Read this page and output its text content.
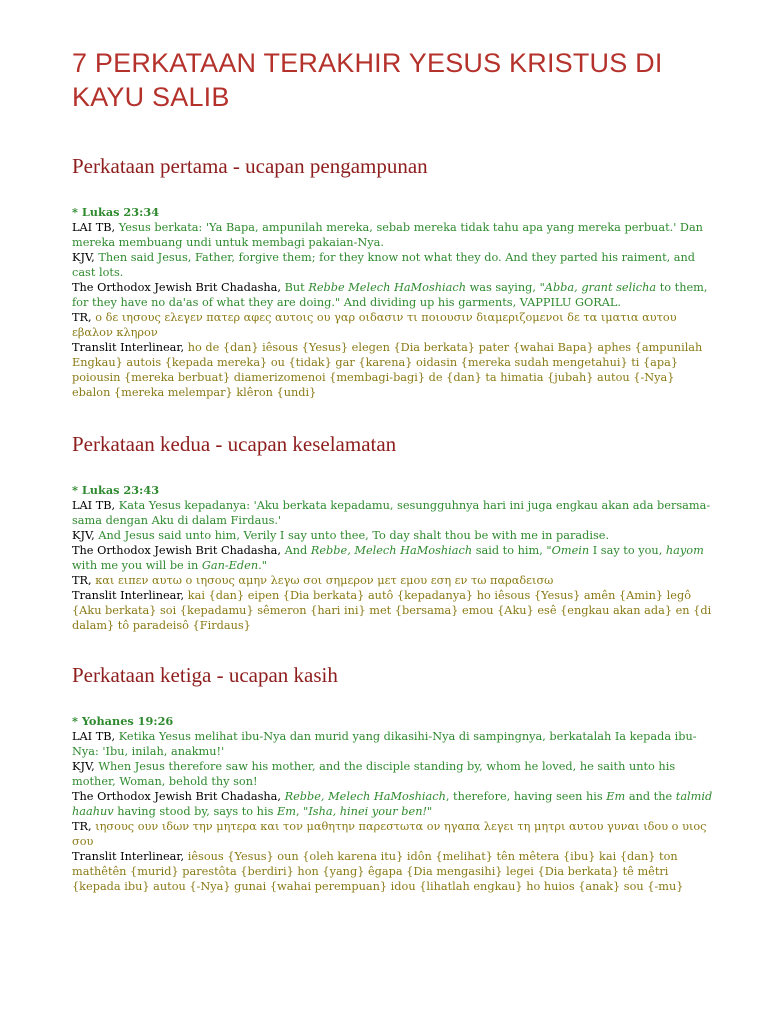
7 PERKATAAN TERAKHIR YESUS KRISTUS DI KAYU SALIB
Perkataan pertama - ucapan pengampunan

* Lukas 23:34

LAI TB, Yesus berkata: 'Ya Bapa, ampunilah mereka, sebab mereka tidak tahu apa yang mereka perbuat.' Dan mereka membuang undi untuk membagi pakaian-Nya.

KJV, Then said Jesus, Father, forgive them; for they know not what they do. And they parted his raiment, and cast lots.

The Orthodox Jewish Brit Chadasha, But Rebbe Melech HaMoshiach was saying, "Abba, grant selicha to them, for they have no da'as of what they are doing." And dividing up his garments, VAPPILU GORAL.

TR, ο δε ιησους ελεγεν πατερ αφες αυτοις ου γαρ οιδασιν τι ποιουσιν διαμεριζομενοι δε τα ιματια αυτου εβαλον κληρον

Translit Interlinear, ho de {dan} iêsous {Yesus} elegen {Dia berkata} pater {wahai Bapa} aphes {ampunilah Engkau} autois {kepada mereka} ou {tidak} gar {karena} oidasin {mereka sudah mengetahui} ti {apa} poiousin {mereka berbuat} diamerizomenoi {membagi-bagi} de {dan} ta himatia {jubah} autou {-Nya} ebalon {mereka melempar} klêron {undi}

Perkataan kedua - ucapan keselamatan

* Lukas 23:43

LAI TB, Kata Yesus kepadanya: 'Aku berkata kepadamu, sesungguhnya hari ini juga engkau akan ada bersama-sama dengan Aku di dalam Firdaus.'

KJV, And Jesus said unto him, Verily I say unto thee, To day shalt thou be with me in paradise.

The Orthodox Jewish Brit Chadasha, And Rebbe, Melech HaMoshiach said to him, "Omein I say to you, hayom with me you will be in Gan-Eden."

TR, και ειπεν αυτω ο ιησους αμην λεγω σοι σημερον μετ εμου εση εν τω παραδεισω

Translit Interlinear, kai {dan} eipen {Dia berkata} autô {kepadanya} ho iêsous {Yesus} amên {Amin} legô {Aku berkata} soi {kepadamu} sêmeron {hari ini} met {bersama} emou {Aku} esê {engkau akan ada} en {di dalam} tô paradeisô {Firdaus}

Perkataan ketiga - ucapan kasih

* Yohanes 19:26

LAI TB, Ketika Yesus melihat ibu-Nya dan murid yang dikasihi-Nya di sampingnya, berkatalah Ia kepada ibu-Nya: 'Ibu, inilah, anakmu!'

KJV, When Jesus therefore saw his mother, and the disciple standing by, whom he loved, he saith unto his mother, Woman, behold thy son!

The Orthodox Jewish Brit Chadasha, Rebbe, Melech HaMoshiach, therefore, having seen his Em and the talmid haahuv having stood by, says to his Em, "Isha, hinei your ben!"

TR, ιησους ουν ιδων την μητερα και τον μαθητην παρεστωτα ον ηγαπα λεγει τη μητρι αυτου γυναι ιδου ο υιος σου

Translit Interlinear, iêsous {Yesus} oun {oleh karena itu} idôn {melihat} tên mêtera {ibu} kai {dan} ton mathêtên {murid} parestôta {berdiri} hon {yang} êgapa {Dia mengasihi} legei {Dia berkata} tê mêtri {kepada ibu} autou {-Nya} gunai {wahai perempuan} idou {lihatlah engkau} ho huios {anak} sou {-mu}
